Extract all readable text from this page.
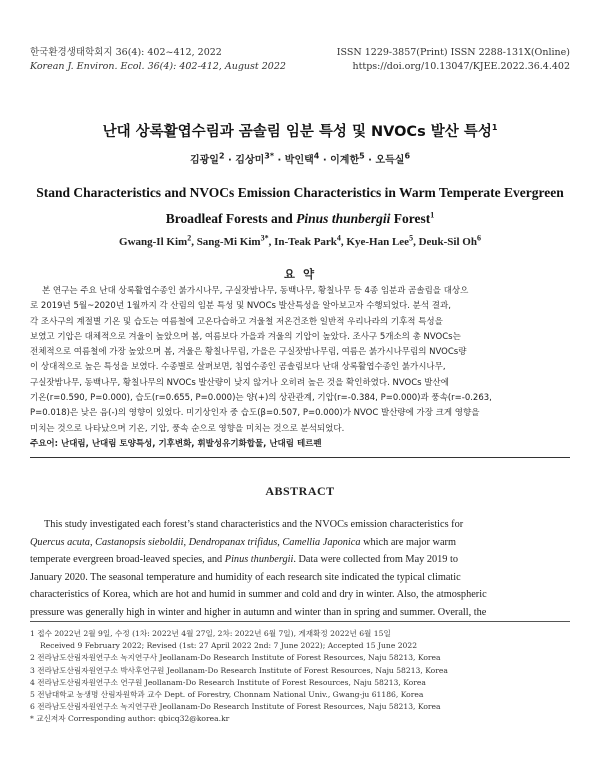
한국환경생태학회지 36(4): 402~412, 2022
Korean J. Environ. Ecol. 36(4): 402-412, August 2022
ISSN 1229-3857(Print) ISSN 2288-131X(Online)
https://doi.org/10.13047/KJEE.2022.36.4.402
난대 상록활엽수림과 곰솔림 임분 특성 및 NVOCs 발산 특성$^1$
김광일$^2$ · 김상미$^{3*}$ · 박인택$^4$ · 이계한$^5$ · 오득실$^6$
Stand Characteristics and NVOCs Emission Characteristics in Warm Temperate Evergreen
Broadleaf Forests and Pinus thunbergii Forest$^1$
Gwang-Il Kim$^2$, Sang-Mi Kim$^{3*}$, In-Teak Park$^4$, Kye-Han Lee$^5$, Deuk-Sil Oh$^6$
요 약
본 연구는 주요 난대 상록활엽수종인 붉가시나무, 구실잣밤나무, 동백나무, 황칠나무 등 4종 임분과 곰솔림을 대상으
로 2019년 5월~2020년 1월까지 각 산림의 임분 특성 및 NVOCs 발산특성을 알아보고자 수행되었다. 분석 결과,
각 조사구의 계절별 기온 및 습도는 여름철에 고온다습하고 겨울철 저온건조한 일반적 우리나라의 기후적 특성을
보였고 기압은 대체적으로 겨울이 높았으며 봄, 여름보다 가을과 겨울의 기압이 높았다. 조사구 5개소의 총 NVOCs는
전체적으로 여름철에 가장 높았으며 봄, 겨울은 황칠나무림, 가을은 구실잣밤나무림, 여름은 붉가시나무림의 NVOCs량
이 상대적으로 높은 특성을 보였다. 수종별로 살펴보면, 침엽수종인 곰솔림보다 난대 상록활엽수종인 붉가시나무,
구실잣밤나무, 동백나무, 황칠나무의 NVOCs 발산량이 낮지 않거나 오히려 높은 것을 확인하였다. NVOCs 발산에
기온(r=0.590, P=0.000), 습도(r=0.655, P=0.000)는 양(+)의 상관관계, 기압(r=-0.384, P=0.000)과 풍속(r=-0.263,
P=0.018)은 낮은 음(-)의 영향이 있었다. 미기상인자 중 습도(β=0.507, P=0.000)가 NVOC 발산량에 가장 크게 영향을
미치는 것으로 나타났으며 기온, 기압, 풍속 순으로 영향을 미치는 것으로 분석되었다.
주요어: 난대림, 난대림 토양특성, 기후변화, 휘발성유기화합물, 난대림 테르펜
ABSTRACT
This study investigated each forest’s stand characteristics and the NVOCs emission characteristics for
Quercus acuta, Castanopsis sieboldii, Dendropanax trifidus, Camellia Japonica which are major warm
temperate evergreen broad-leaved species, and Pinus thunbergii. Data were collected from May 2019 to
January 2020. The seasonal temperature and humidity of each research site indicated the typical climatic
characteristics of Korea, which are hot and humid in summer and cold and dry in winter. Also, the atmospheric
pressure was generally high in winter and higher in autumn and winter than in spring and summer. Overall, the
1 접수 2022년 2월 9일, 수정 (1차: 2022년 4월 27일, 2차: 2022년 6월 7일), 게재확정 2022년 6월 15일
Received 9 February 2022; Revised (1st: 27 April 2022 2nd: 7 June 2022); Accepted 15 June 2022
2 전라남도산림자원연구소 녹지연구사 Jeollanam-Do Research Institute of Forest Resources, Naju 58213, Korea
3 전라남도산림자원연구소 박사후연구원 Jeollanam-Do Research Institute of Forest Resources, Naju 58213, Korea
4 전라남도산림자원연구소 연구원 Jeollanam-Do Research Institute of Forest Resources, Naju 58213, Korea
5 전남대학교 농생명 산림자원학과 교수 Dept. of Forestry, Chonnam National Univ., Gwang-ju 61186, Korea
6 전라남도산림자원연구소 녹지연구관 Jeollanam-Do Research Institute of Forest Resources, Naju 58213, Korea
* 교신저자 Corresponding author: qbicq32@korea.kr
